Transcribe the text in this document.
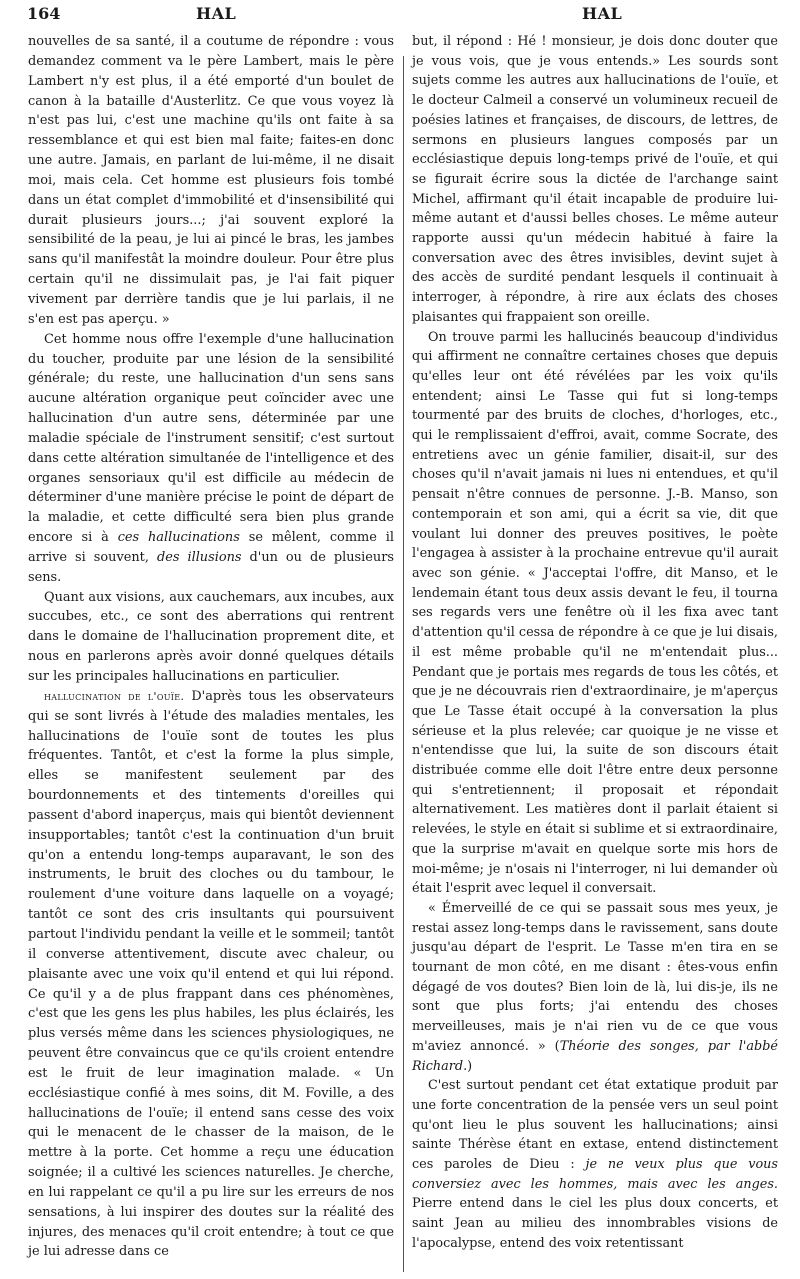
164	HAL	HAL

nouvelles de sa santé, il a coutume de répondre : vous demandez comment va le père Lambert, mais le père Lambert n'y est plus, il a été emporté d'un boulet de canon à la bataille d'Austerlitz. Ce que vous voyez là n'est pas lui, c'est une machine qu'ils ont faite à sa ressemblance et qui est bien mal faite; faites-en donc une autre. Jamais, en parlant de lui-même, il ne disait moi, mais cela. Cet homme est plusieurs fois tombé dans un état complet d'immobilité et d'insensibilité qui durait plusieurs jours...; j'ai souvent exploré la sensibilité de la peau, je lui ai pincé le bras, les jambes sans qu'il manifestât la moindre douleur. Pour être plus certain qu'il ne dissimulait pas, je l'ai fait piquer vivement par derrière tandis que je lui parlais, il ne s'en est pas aperçu. »

Cet homme nous offre l'exemple d'une hallucination du toucher, produite par une lésion de la sensibilité générale; du reste, une hallucination d'un sens sans aucune altération organique peut coïncider avec une hallucination d'un autre sens, déterminée par une maladie spéciale de l'instrument sensitif; c'est surtout dans cette altération simultanée de l'intelligence et des organes sensoriaux qu'il est difficile au médecin de déterminer d'une manière précise le point de départ de la maladie, et cette difficulté sera bien plus grande encore si à ces hallucinations se mêlent, comme il arrive si souvent, des illusions d'un ou de plusieurs sens.

Quant aux visions, aux cauchemars, aux incubes, aux succubes, etc., ce sont des aberrations qui rentrent dans le domaine de l'hallucination proprement dite, et nous en parlerons après avoir donné quelques détails sur les principales hallucinations en particulier.

hallucination de l'ouïe. D'après tous les observateurs qui se sont livrés à l'étude des maladies mentales, les hallucinations de l'ouïe sont de toutes les plus fréquentes. Tantôt, et c'est la forme la plus simple, elles se manifestent seulement par des bourdonnements et des tintements d'oreilles qui passent d'abord inaperçus, mais qui bientôt deviennent insupportables; tantôt c'est la continuation d'un bruit qu'on a entendu long-temps auparavant, le son des instruments, le bruit des cloches ou du tambour, le roulement d'une voiture dans laquelle on a voyagé; tantôt ce sont des cris insultants qui poursuivent partout l'individu pendant la veille et le sommeil; tantôt il converse attentivement, discute avec chaleur, ou plaisante avec une voix qu'il entend et qui lui répond. Ce qu'il y a de plus frappant dans ces phénomènes, c'est que les gens les plus habiles, les plus éclairés, les plus versés même dans les sciences physiologiques, ne peuvent être convaincus que ce qu'ils croient entendre est le fruit de leur imagination malade. « Un ecclésiastique confié à mes soins, dit M. Foville, a des hallucinations de l'ouïe; il entend sans cesse des voix qui le menacent de le chasser de la maison, de le mettre à la porte. Cet homme a reçu une éducation soignée; il a cultivé les sciences naturelles. Je cherche, en lui rappelant ce qu'il a pu lire sur les erreurs de nos sensations, à lui inspirer des doutes sur la réalité des injures, des menaces qu'il croit entendre; à tout ce que je lui adresse dans ce

but, il répond : Hé ! monsieur, je dois donc douter que je vous vois, que je vous entends.» Les sourds sont sujets comme les autres aux hallucinations de l'ouïe, et le docteur Calmeil a conservé un volumineux recueil de poésies latines et françaises, de discours, de lettres, de sermons en plusieurs langues composés par un ecclésiastique depuis long-temps privé de l'ouïe, et qui se figurait écrire sous la dictée de l'archange saint Michel, affirmant qu'il était incapable de produire lui-même autant et d'aussi belles choses. Le même auteur rapporte aussi qu'un médecin habitué à faire la conversation avec des êtres invisibles, devint sujet à des accès de surdité pendant lesquels il continuait à interroger, à répondre, à rire aux éclats des choses plaisantes qui frappaient son oreille.

On trouve parmi les hallucinés beaucoup d'individus qui affirment ne connaître certaines choses que depuis qu'elles leur ont été révélées par les voix qu'ils entendent; ainsi Le Tasse qui fut si long-temps tourmenté par des bruits de cloches, d'horloges, etc., qui le remplissaient d'effroi, avait, comme Socrate, des entretiens avec un génie familier, disait-il, sur des choses qu'il n'avait jamais ni lues ni entendues, et qu'il pensait n'être connues de personne. J.-B. Manso, son contemporain et son ami, qui a écrit sa vie, dit que voulant lui donner des preuves positives, le poète l'engagea à assister à la prochaine entrevue qu'il aurait avec son génie. « J'acceptai l'offre, dit Manso, et le lendemain étant tous deux assis devant le feu, il tourna ses regards vers une fenêtre où il les fixa avec tant d'attention qu'il cessa de répondre à ce que je lui disais, il est même probable qu'il ne m'entendait plus... Pendant que je portais mes regards de tous les côtés, et que je ne découvrais rien d'extraordinaire, je m'aperçus que Le Tasse était occupé à la conversation la plus sérieuse et la plus relevée; car quoique je ne visse et n'entendisse que lui, la suite de son discours était distribuée comme elle doit l'être entre deux personne qui s'entretiennent; il proposait et répondait alternativement. Les matières dont il parlait étaient si relevées, le style en était si sublime et si extraordinaire, que la surprise m'avait en quelque sorte mis hors de moi-même; je n'osais ni l'interroger, ni lui demander où était l'esprit avec lequel il conversait.

« Émerveillé de ce qui se passait sous mes yeux, je restai assez long-temps dans le ravissement, sans doute jusqu'au départ de l'esprit. Le Tasse m'en tira en se tournant de mon côté, en me disant : êtes-vous enfin dégagé de vos doutes? Bien loin de là, lui dis-je, ils ne sont que plus forts; j'ai entendu des choses merveilleuses, mais je n'ai rien vu de ce que vous m'aviez annoncé. » (Théorie des songes, par l'abbé Richard.)

C'est surtout pendant cet état extatique produit par une forte concentration de la pensée vers un seul point qu'ont lieu le plus souvent les hallucinations; ainsi sainte Thérèse étant en extase, entend distinctement ces paroles de Dieu : je ne veux plus que vous conversiez avec les hommes, mais avec les anges. Pierre entend dans le ciel les plus doux concerts, et saint Jean au milieu des innombrables visions de l'apocalypse, entend des voix retentissant
